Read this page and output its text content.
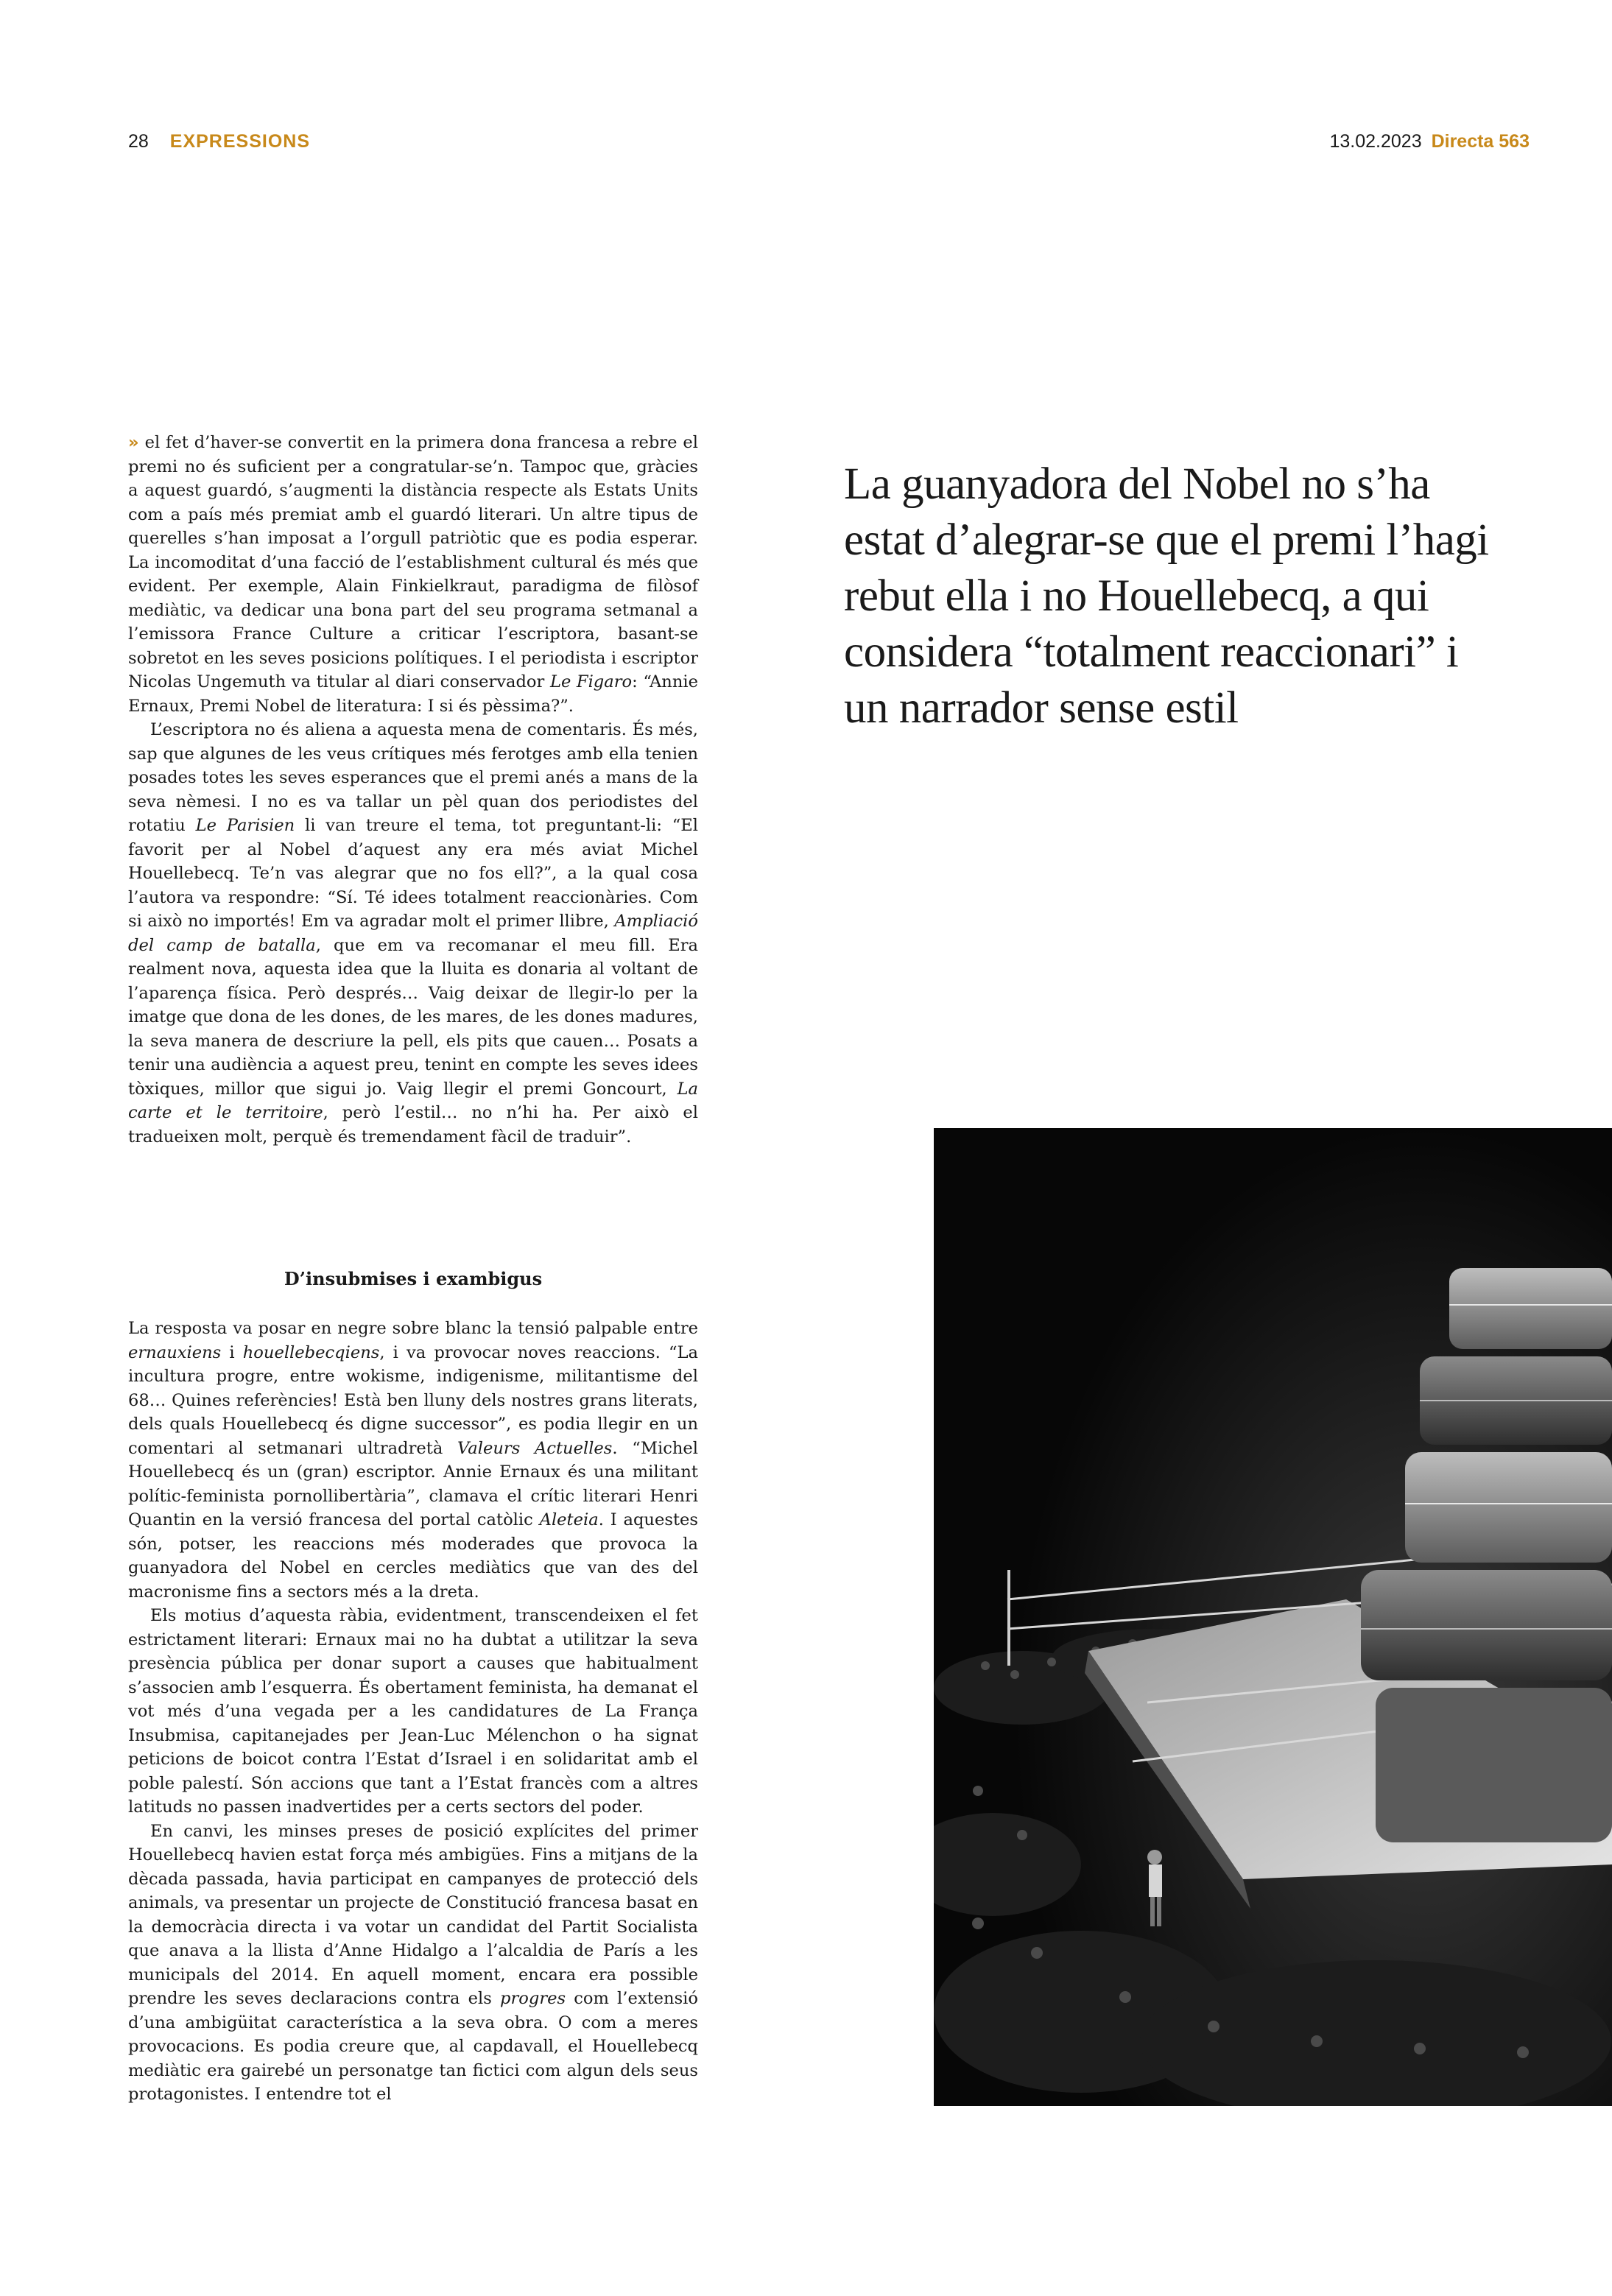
28 EXPRESSIONS	13.02.2023 Directa 563

» el fet d’haver-se convertit en la primera dona francesa a rebre el premi no és suficient per a congratular-se’n. Tampoc que, gràcies a aquest guardó, s’augmenti la distància respecte als Estats Units com a país més premiat amb el guardó literari. Un altre tipus de querelles s’han imposat a l’orgull patriòtic que es podia esperar. La incomoditat d’una facció de l’establishment cultural és més que evident. Per exemple, Alain Finkielkraut, paradigma de filòsof mediàtic, va dedicar una bona part del seu programa setmanal a l’emissora France Culture a criticar l’escriptora, basant-se sobretot en les seves posicions polítiques. I el periodista i escriptor Nicolas Ungemuth va titular al diari conservador Le Figaro: “Annie Ernaux, Premi Nobel de literatura: I si és pèssima?”.

L’escriptora no és aliena a aquesta mena de comentaris. És més, sap que algunes de les veus crítiques més ferotges amb ella tenien posades totes les seves esperances que el premi anés a mans de la seva nèmesi. I no es va tallar un pèl quan dos periodistes del rotatiu Le Parisien li van treure el tema, tot preguntant-li: “El favorit per al Nobel d’aquest any era més aviat Michel Houellebecq. Te’n vas alegrar que no fos ell?”, a la qual cosa l’autora va respondre: “Sí. Té idees totalment reaccionàries. Com si això no importés! Em va agradar molt el primer llibre, Ampliació del camp de batalla, que em va recomanar el meu fill. Era realment nova, aquesta idea que la lluita es donaria al voltant de l’aparença física. Però després… Vaig deixar de llegir-lo per la imatge que dona de les dones, de les mares, de les dones madures, la seva manera de descriure la pell, els pits que cauen… Posats a tenir una audiència a aquest preu, tenint en compte les seves idees tòxiques, millor que sigui jo. Vaig llegir el premi Goncourt, La carte et le territoire, però l’estil… no n’hi ha. Per això el tradueixen molt, perquè és tremendament fàcil de traduir”.

D’insubmises i exambigus

La resposta va posar en negre sobre blanc la tensió palpable entre ernauxiens i houellebecqiens, i va provocar noves reaccions. “La incultura progre, entre wokisme, indigenisme, militantisme del 68… Quines referències! Està ben lluny dels nostres grans literats, dels quals Houellebecq és digne successor”, es podia llegir en un comentari al setmanari ultradretà Valeurs Actuelles. “Michel Houellebecq és un (gran) escriptor. Annie Ernaux és una militant polític-feminista pornollibertària”, clamava el crític literari Henri Quantin en la versió francesa del portal catòlic Aleteia. I aquestes són, potser, les reaccions més moderades que provoca la guanyadora del Nobel en cercles mediàtics que van des del macronisme fins a sectors més a la dreta.

Els motius d’aquesta ràbia, evidentment, transcendeixen el fet estrictament literari: Ernaux mai no ha dubtat a utilitzar la seva presència pública per donar suport a causes que habitualment s’associen amb l’esquerra. És obertament feminista, ha demanat el vot més d’una vegada per a les candidatures de La França Insubmisa, capitanejades per Jean-Luc Mélenchon o ha signat peticions de boicot contra l’Estat d’Israel i en solidaritat amb el poble palestí. Són accions que tant a l’Estat francès com a altres latituds no passen inadvertides per a certs sectors del poder.

En canvi, les minses preses de posició explícites del primer Houellebecq havien estat força més ambigües. Fins a mitjans de la dècada passada, havia participat en campanyes de protecció dels animals, va presentar un projecte de Constitució francesa basat en la democràcia directa i va votar un candidat del Partit Socialista que anava a la llista d’Anne Hidalgo a l’alcaldia de París a les municipals del 2014. En aquell moment, encara era possible prendre les seves declaracions contra els progres com l’extensió d’una ambigüitat característica a la seva obra. O com a meres provocacions. Es podia creure que, al capdavall, el Houellebecq mediàtic era gairebé un personatge tan fictici com algun dels seus protagonistes. I entendre tot el

La guanyadora del Nobel no s’ha estat d’alegrar-se que el premi l’hagi rebut ella i no Houellebecq, a qui considera “totalment reaccionari” i un narrador sense estil
